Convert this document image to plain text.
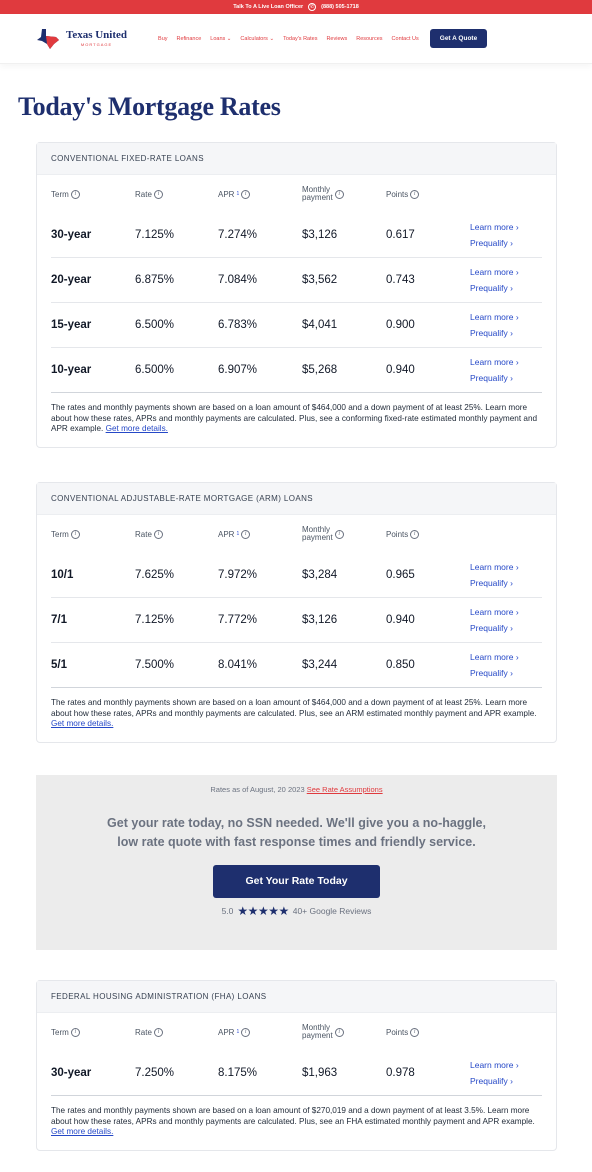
Talk To A Live Loan Officer	✆	(888) 505-1718
Texas United
MORTGAGE
Buy Refinance Loans ⌄ Calculators ⌄ Today's Rates Reviews Resources Contact Us	Get A Quote
Today's Mortgage Rates
CONVENTIONAL FIXED-RATE LOANS
Term i	Rate i	APR 1 i
Monthly
payment i	Points i
30-year	7.125%	7.274%	$3,126	0.617
Learn more ›
Prequalify ›
20-year	6.875%	7.084%	$3,562	0.743
Learn more ›
Prequalify ›
15-year	6.500%	6.783%	$4,041	0.900
Learn more ›
Prequalify ›
10-year	6.500%	6.907%	$5,268	0.940
Learn more ›
Prequalify ›
The rates and monthly payments shown are based on a loan amount of $464,000 and a down payment of at least 25%. Learn more about how these rates, APRs and monthly payments are calculated. Plus, see a conforming fixed-rate estimated monthly payment and APR example. Get more details.
CONVENTIONAL ADJUSTABLE-RATE MORTGAGE (ARM) LOANS
Term i	Rate i	APR 1 i
Monthly
payment i	Points i
10/1	7.625%	7.972%	$3,284	0.965
Learn more ›
Prequalify ›
7/1	7.125%	7.772%	$3,126	0.940
Learn more ›
Prequalify ›
5/1	7.500%	8.041%	$3,244	0.850
Learn more ›
Prequalify ›
The rates and monthly payments shown are based on a loan amount of $464,000 and a down payment of at least 25%. Learn more about how these rates, APRs and monthly payments are calculated. Plus, see an ARM estimated monthly payment and APR example. Get more details.
Rates as of August, 20 2023 See Rate Assumptions
Get your rate today, no SSN needed. We'll give you a no-haggle, low rate quote with fast response times and friendly service.
Get Your Rate Today
5.0 ★★★★★ 40+ Google Reviews
FEDERAL HOUSING ADMINISTRATION (FHA) LOANS
Term i	Rate i	APR 1 i
Monthly
payment i	Points i
30-year	7.250%	8.175%	$1,963	0.978
Learn more ›
Prequalify ›
The rates and monthly payments shown are based on a loan amount of $270,019 and a down payment of at least 3.5%. Learn more about how these rates, APRs and monthly payments are calculated. Plus, see an FHA estimated monthly payment and APR example. Get more details.
